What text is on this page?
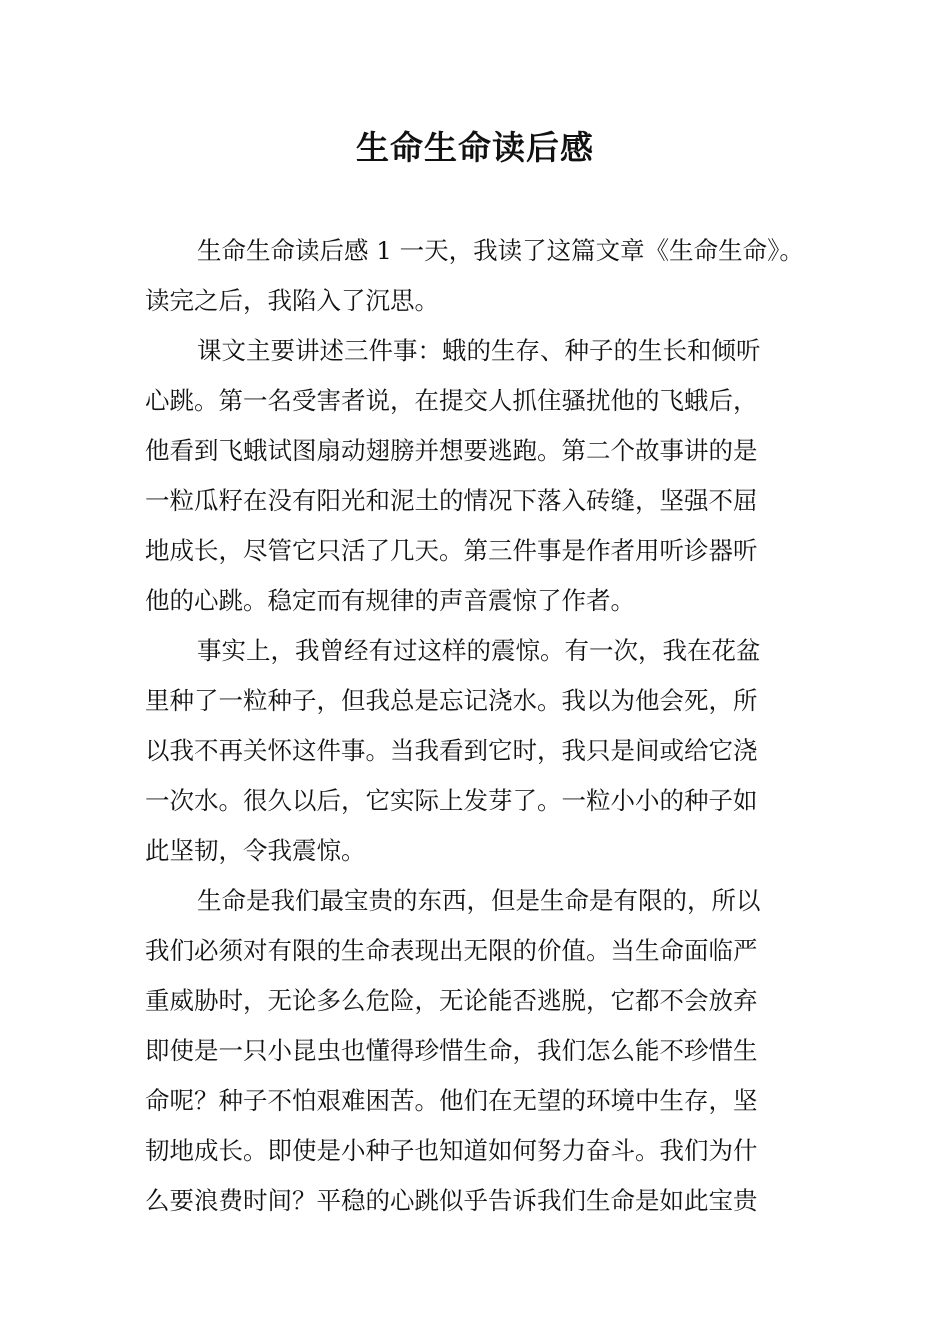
生命生命读后感
生命生命读后感 1 一天，我读了这篇文章《生命生命》。
读完之后，我陷入了沉思。
课文主要讲述三件事：蛾的生存、种子的生长和倾听
心跳。第一名受害者说，在提交人抓住骚扰他的飞蛾后，
他看到飞蛾试图扇动翅膀并想要逃跑。第二个故事讲的是
一粒瓜籽在没有阳光和泥土的情况下落入砖缝，坚强不屈
地成长，尽管它只活了几天。第三件事是作者用听诊器听
他的心跳。稳定而有规律的声音震惊了作者。
事实上，我曾经有过这样的震惊。有一次，我在花盆
里种了一粒种子，但我总是忘记浇水。我以为他会死，所
以我不再关怀这件事。当我看到它时，我只是间或给它浇
一次水。很久以后，它实际上发芽了。一粒小小的种子如
此坚韧，令我震惊。
生命是我们最宝贵的东西，但是生命是有限的，所以
我们必须对有限的生命表现出无限的价值。当生命面临严
重威胁时，无论多么危险，无论能否逃脱，它都不会放弃
即使是一只小昆虫也懂得珍惜生命，我们怎么能不珍惜生
命呢？种子不怕艰难困苦。他们在无望的环境中生存，坚
韧地成长。即使是小种子也知道如何努力奋斗。我们为什
么要浪费时间？平稳的心跳似乎告诉我们生命是如此宝贵
